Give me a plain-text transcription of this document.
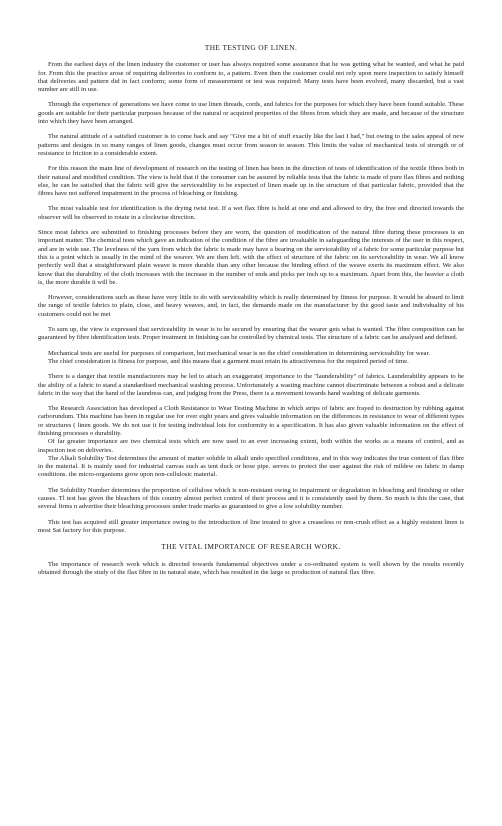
THE TESTING OF LINEN.

From the earliest days of the linen industry the customer or user has always required some assurance that he was getting what he wanted, and what he paid for. From this the practice arose of requiring deliveries to conform to, a pattern. Even then the customer could not rely upon mere inspection to satisfy himself that deliveries and pattern did in fact conform; some form of measurement or test was required: Many tests have been evolved, many discarded, but a vast number are still in use.

Through the experience of generations we have come to use linen threads, cords, and fabrics for the purposes for which they have been found suitable. These goods are suitable for their particular purposes because of the natural or acquired properties of the fibres from which they are made, and because of the structure into which they have been arranged.

The natural attitude of a satisfied customer is to come back and say "Give me a bit of stuff exactly like the last I had," but owing to the sales appeal of new patterns and designs in so many ranges of linen goods, changes must occur from season to season. This limits the value of mechanical tests of strength or of resistance to friction to a considerable extent.

For this reason the main line of development of research on the testing of linen has been in the direction of tests of identification of the textile fibres both in their natural and modified condition. The view is held that if the consumer can be assured by reliable tests that the fabric is made of pure flax fibres and nothing else, he can be satisfied that the fabric will give the serviceability to be expected of linen made up in the structure of that particular fabric, provided that the fibres have not suffered impairment in the process of bleaching or finishing.

The most valuable test for identification is the drying twist test. If a wet flax fibre is held at one end and allowed to dry, the free end directed towards the observer will be observed to rotate in a clockwise direction.

Since most fabrics are submitted to finishing processes before they are worn, the question of modification of the natural fibre during these processes is an important matter. The chemical tests which gave an indication of the condition of the fibre are invaluable in safeguarding the interests of the user in this respect, and are in wide use. The levelness of the yarn from which the fabric is made may have a bearing on the serviceability of a fabric for some particular purpose but this is a point which is usually in the mind of the weaver. We are then left. with the effect of structure of the fabric on its serviceability in wear. We all know perfectly well that a straightforward plain weave is more durable than any other because the binding effect of the weave exerts its maximum effect. We also know that the durability of the cloth increases with the increase in the number of ends and picks per inch up to a maximum. Apart from this, the heavier a cloth is, the more durable it will be.

However, considerations such as these have very little to do with serviceability which is really determined by fitness for purpose. It would be absurd to limit the range of textile fabrics to plain, close, and heavy weaves, and, in fact, the demands made on the manufacturer by the good taste and individuality of his customers could not be met

To sum up, the view is expressed that serviceability in wear is to be secured by ensuring that the wearer gets what is wanted. The fibre composition can be guaranteed by fibre identification tests. Proper treatment in finishing can be controlled by chemical tests. The structure of a fabric can be analysed and defined.

Mechanical tests are useful for purposes of comparison, but mechanical wear is no the chief consideration in determining serviceability for wear.

The chief consideration is fitness for purpose, and this means that a garment must retain its attractiveness for the required period of time.

There is a danger that textile manufacturers may be led to attach an exaggerate( importance to the "launderability" of fabrics. Launderability appears to be the ability of a fabric to stand a standardised mechanical washing process. Unfortunately a wasting machine cannot discriminate between a robust and a delicate fabric in the way that the hand of the laundress can, and judging from the Press, there is a movement towards hand washing of delicate garments.

The Research Association has developed a Cloth Resistance to Wear Testing Machine in which strips of fabric are frayed to destruction by rubbing against carborundum. This machine has been in regular use for over eight years and gives valuable information on the differences in resistance to wear of different types or structures ( linen goods. We do not use it for testing individual lots for conformity to a specification. It has also given valuable information on the effect of finishing processes o durability.

Of far greater importance are two chemical tests which are now used to an ever increasing extent, both within the works as a means of control, and as inspection test on deliveries.

The Alkali Solubility Test determines the amount of matter soluble in alkali undo specified conditions, and in this way indicates the true content of flax fibre in the material. It is mainly used for industrial canvas such as tent duck or hose pipe. serves to protect the user against the risk of mildew on fabric in damp conditions. the micro-organisms grow upon non-cellulosic material.

The Solubility Number determines the proportion of cellulose which is non-resistant owing to impairment or degradation in bleaching and finishing or other causes. Tl test has given the bleachers of this country almost perfect control of their process and it is consistently used by them. So much is this the case, that several firms n advertise their bleaching processes under trade marks as guaranteed to give a low solubility number.

This test has acquired still greater importance owing to the introduction of line treated to give a creaseless or non-crush effect as a highly resistent linen is most Sat factory for this purpose.

THE VITAL IMPORTANCE OF RESEARCH WORK.

The importance of research work which is directed towards fundamental objectives under a co-ordinated system is well shown by the results recently obtained through the study of the flax fibre in its natural state, which has resulted in the large sc production of natural flax fibre.
